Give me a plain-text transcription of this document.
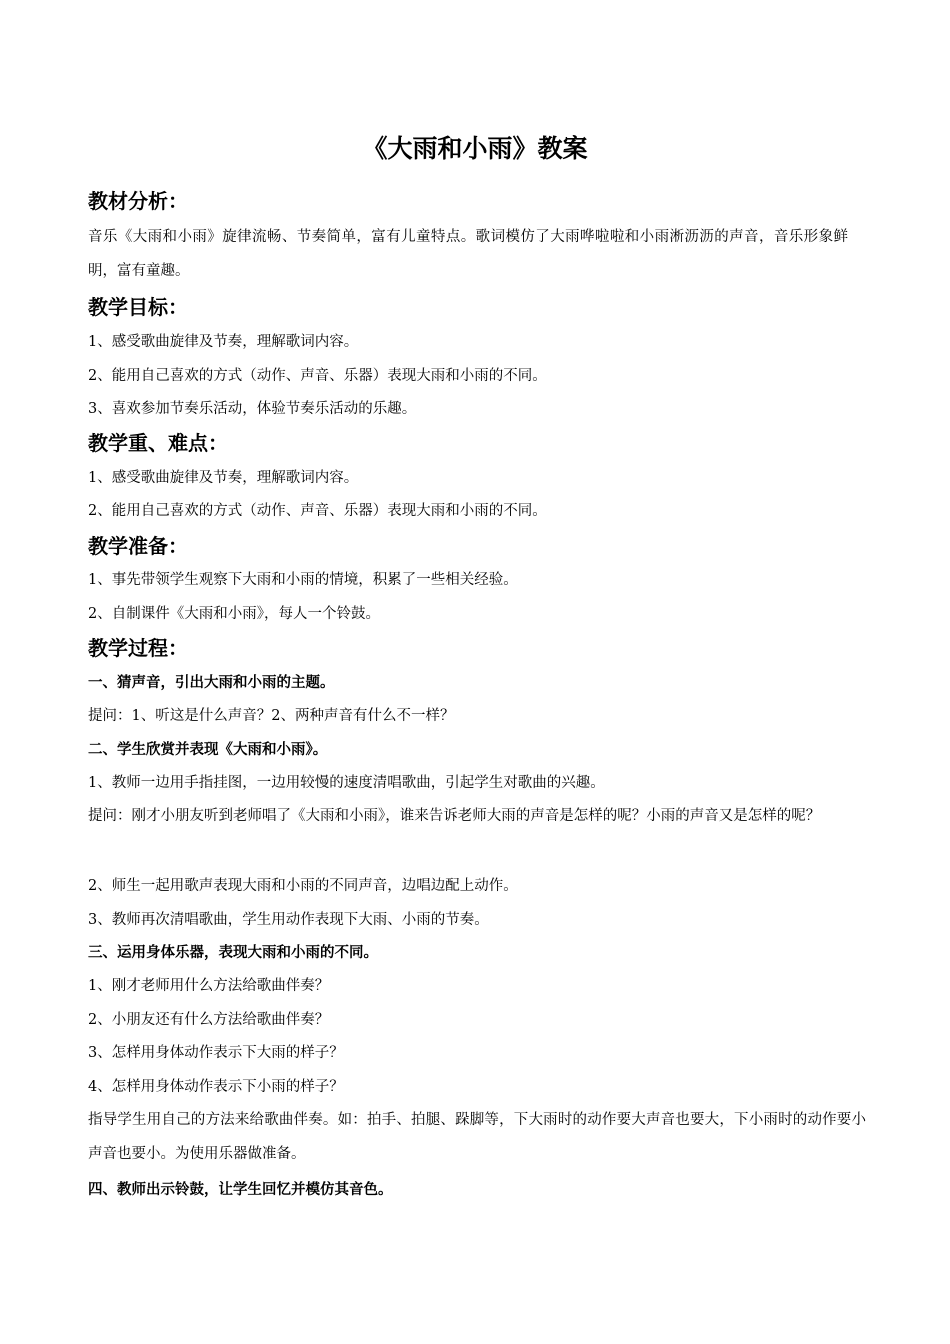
《大雨和小雨》教案
教材分析：
音乐《大雨和小雨》旋律流畅、节奏简单，富有儿童特点。歌词模仿了大雨哗啦啦和小雨淅沥沥的声音，音乐形象鲜明，富有童趣。
教学目标：
1、感受歌曲旋律及节奏，理解歌词内容。
2、能用自己喜欢的方式（动作、声音、乐器）表现大雨和小雨的不同。
3、喜欢参加节奏乐活动，体验节奏乐活动的乐趣。
教学重、难点：
1、感受歌曲旋律及节奏，理解歌词内容。
2、能用自己喜欢的方式（动作、声音、乐器）表现大雨和小雨的不同。
教学准备：
1、事先带领学生观察下大雨和小雨的情境，积累了一些相关经验。
2、自制课件《大雨和小雨》，每人一个铃鼓。
教学过程：
一、猜声音，引出大雨和小雨的主题。
提问：1、听这是什么声音？2、两种声音有什么不一样？
二、学生欣赏并表现《大雨和小雨》。
1、教师一边用手指挂图，一边用较慢的速度清唱歌曲，引起学生对歌曲的兴趣。
提问：刚才小朋友听到老师唱了《大雨和小雨》，谁来告诉老师大雨的声音是怎样的呢？小雨的声音又是怎样的呢？
2、师生一起用歌声表现大雨和小雨的不同声音，边唱边配上动作。
3、教师再次清唱歌曲，学生用动作表现下大雨、小雨的节奏。
三、运用身体乐器，表现大雨和小雨的不同。
1、刚才老师用什么方法给歌曲伴奏？
2、小朋友还有什么方法给歌曲伴奏？
3、怎样用身体动作表示下大雨的样子？
4、怎样用身体动作表示下小雨的样子？
指导学生用自己的方法来给歌曲伴奏。如：拍手、拍腿、跺脚等，下大雨时的动作要大声音也要大，下小雨时的动作要小声音也要小。为使用乐器做准备。
四、教师出示铃鼓，让学生回忆并模仿其音色。
